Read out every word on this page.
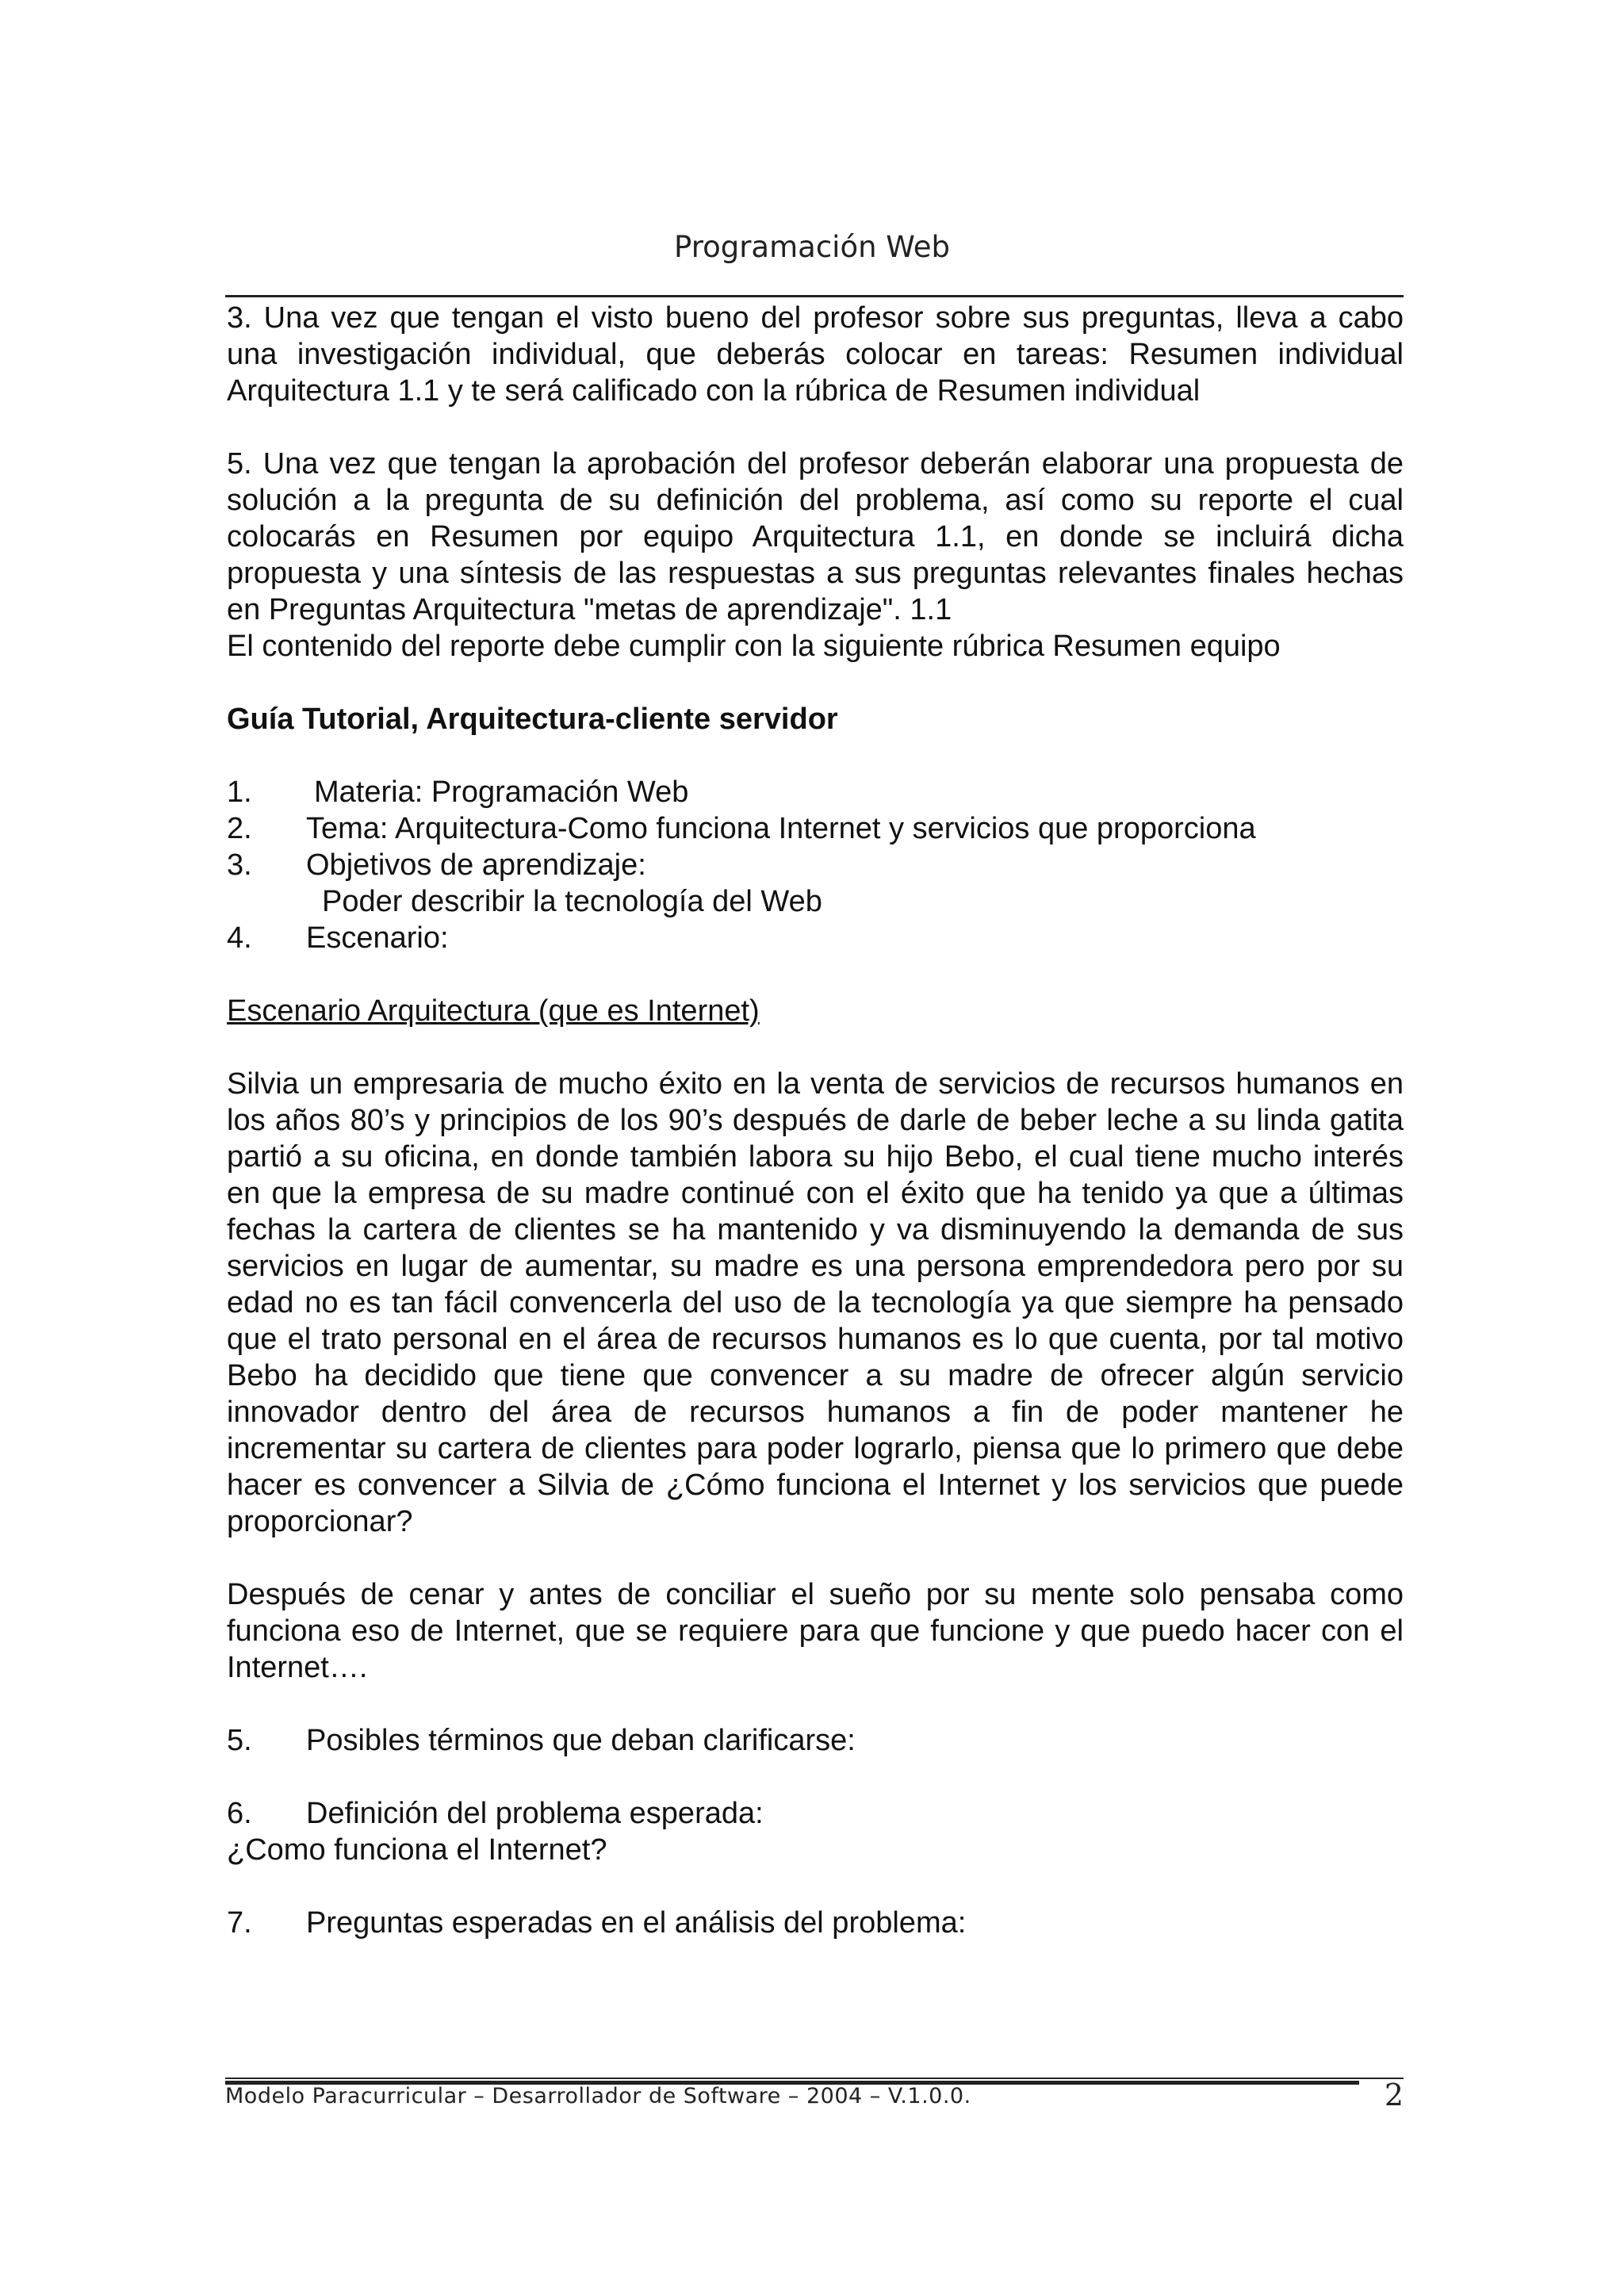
Programación Web

3. Una vez que tengan el visto bueno del profesor sobre sus preguntas, lleva a cabo una investigación individual, que deberás colocar en tareas: Resumen individual Arquitectura 1.1 y te será calificado con la rúbrica de Resumen individual

5. Una vez que tengan la aprobación del profesor deberán elaborar una propuesta de solución a la pregunta de su definición del problema, así como su reporte el cual colocarás en Resumen por equipo Arquitectura 1.1, en donde se incluirá dicha propuesta y una síntesis de las respuestas a sus preguntas relevantes finales hechas en Preguntas Arquitectura "metas de aprendizaje". 1.1

El contenido del reporte debe cumplir con la siguiente rúbrica Resumen equipo

Guía Tutorial, Arquitectura-cliente servidor

1.	Materia: Programación Web
2.	Tema: Arquitectura-Como funciona Internet y servicios que proporciona
3.	Objetivos de aprendizaje:

Poder describir la tecnología del Web

4.	Escenario:

Escenario Arquitectura (que es Internet)

Silvia un empresaria de mucho éxito en la venta de servicios de recursos humanos en los años 80’s y principios de los 90’s después de darle de beber leche a su linda gatita partió a su oficina, en donde también labora su hijo Bebo, el cual tiene mucho interés en que la empresa de su madre continué con el éxito que ha tenido ya que a últimas fechas la cartera de clientes se ha mantenido y va disminuyendo la demanda de sus servicios en lugar de aumentar, su madre es una persona emprendedora pero por su edad no es tan fácil convencerla del uso de la tecnología ya que siempre ha pensado que el trato personal en el área de recursos humanos es lo que cuenta, por tal motivo Bebo ha decidido que tiene que convencer a su madre de ofrecer algún servicio innovador dentro del área de recursos humanos a fin de poder mantener he incrementar su cartera de clientes para poder lograrlo, piensa que lo primero que debe hacer es convencer a Silvia de ¿Cómo funciona el Internet y los servicios que puede proporcionar?

Después de cenar y antes de conciliar el sueño por su mente solo pensaba como funciona eso de Internet, que se requiere para que funcione y que puedo hacer con el Internet….

5.	Posibles términos que deban clarificarse:
6.	Definición del problema esperada:

¿Como funciona el Internet?

7.	Preguntas esperadas en el análisis del problema:
Modelo Paracurricular – Desarrollador de Software – 2004 – V.1.0.0.	2
